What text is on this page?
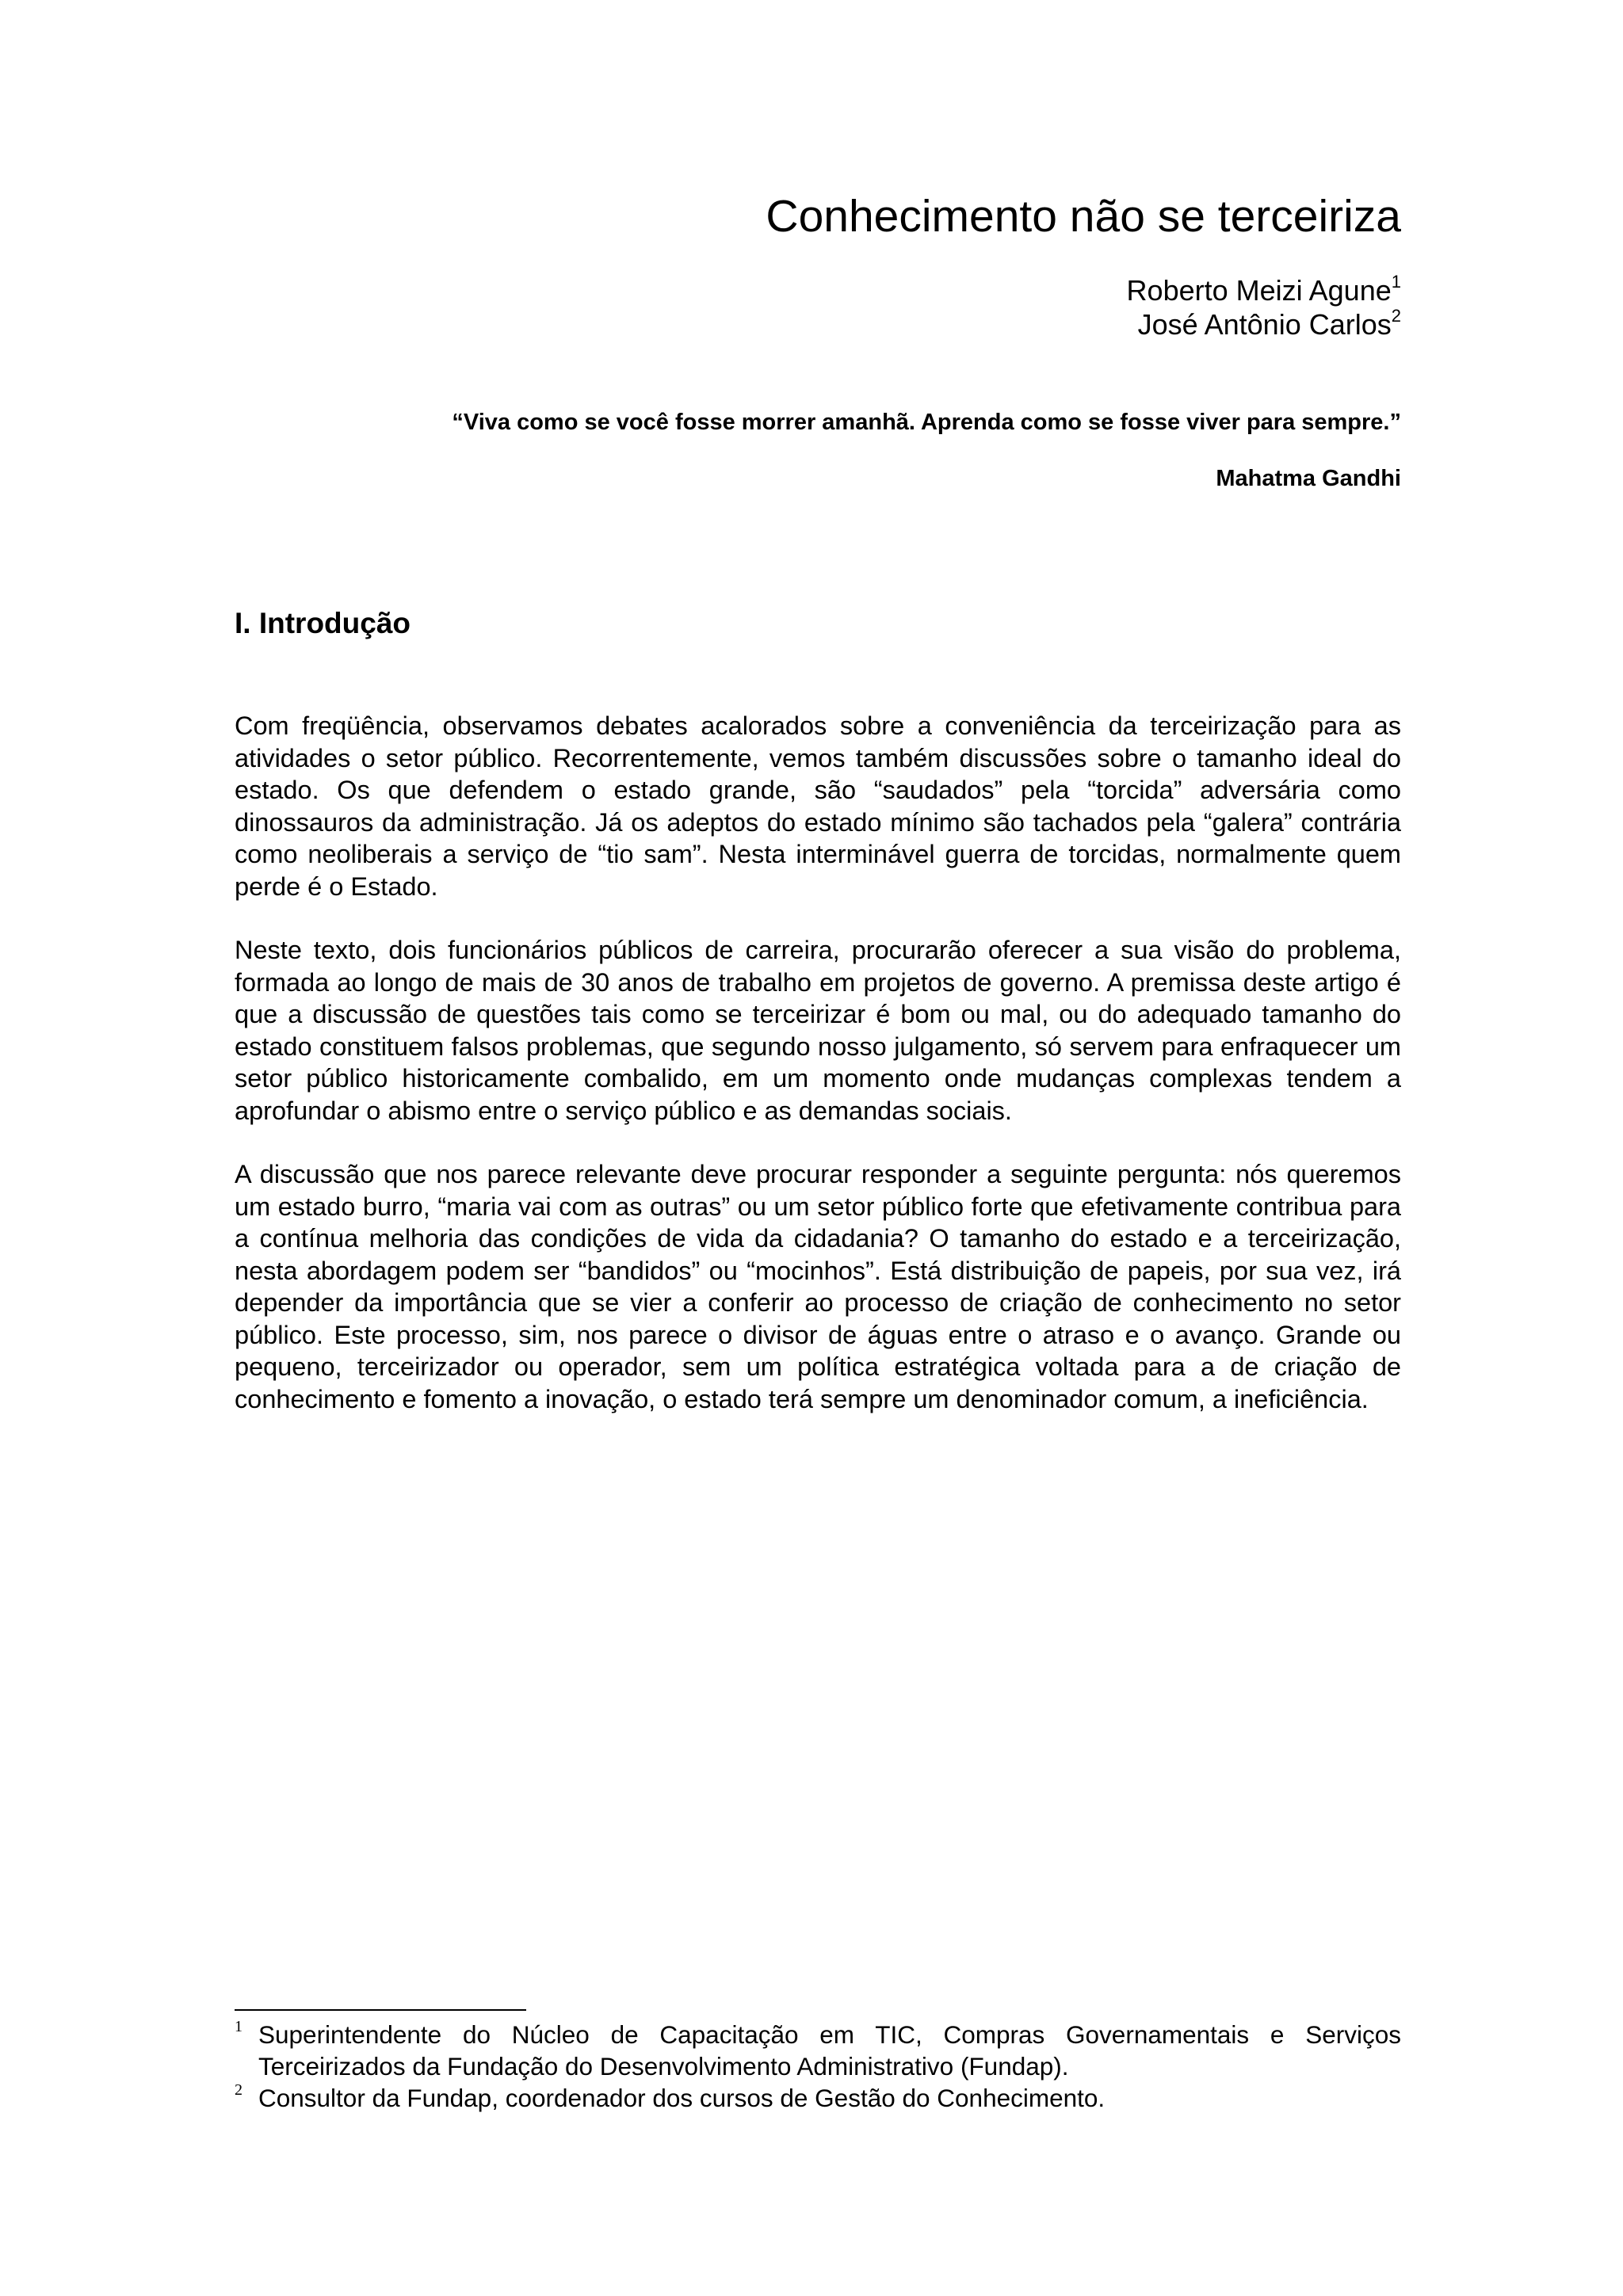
Conhecimento não se terceiriza
Roberto Meizi Agune$^1$
José Antônio Carlos$^2$
“Viva como se você fosse morrer amanhã. Aprenda como se fosse viver para sempre.”
Mahatma Gandhi
I. Introdução

Com freqüência, observamos debates acalorados sobre a conveniência da terceirização para as atividades o setor público. Recorrentemente, vemos também discussões sobre o tamanho ideal do estado. Os que defendem o estado grande, são “saudados” pela “torcida” adversária como dinossauros da administração. Já os adeptos do estado mínimo são tachados pela “galera” contrária como neoliberais a serviço de “tio sam”. Nesta interminável guerra de torcidas, normalmente quem perde é o Estado.

Neste texto, dois funcionários públicos de carreira, procurarão oferecer a sua visão do problema, formada ao longo de mais de 30 anos de trabalho em projetos de governo. A premissa deste artigo é que a discussão de questões tais como se terceirizar é bom ou mal, ou do adequado tamanho do estado constituem falsos problemas, que segundo nosso julgamento, só servem para enfraquecer um setor público historicamente combalido, em um momento onde mudanças complexas tendem a aprofundar o abismo entre o serviço público e as demandas sociais.

A discussão que nos parece relevante deve procurar responder a seguinte pergunta: nós queremos um estado burro, “maria vai com as outras” ou um setor público forte que efetivamente contribua para a contínua melhoria das condições de vida da cidadania? O tamanho do estado e a terceirização, nesta abordagem podem ser “bandidos” ou “mocinhos”. Está distribuição de papeis, por sua vez, irá depender da importância que se vier a conferir ao processo de criação de conhecimento no setor público. Este processo, sim, nos parece o divisor de águas entre o atraso e o avanço. Grande ou pequeno, terceirizador ou operador, sem um política estratégica voltada para a de criação de conhecimento e fomento a inovação, o estado terá sempre um denominador comum, a ineficiência.

1 Superintendente do Núcleo de Capacitação em TIC, Compras Governamentais e Serviços Terceirizados da Fundação do Desenvolvimento Administrativo (Fundap).
2 Consultor da Fundap, coordenador dos cursos de Gestão do Conhecimento.
